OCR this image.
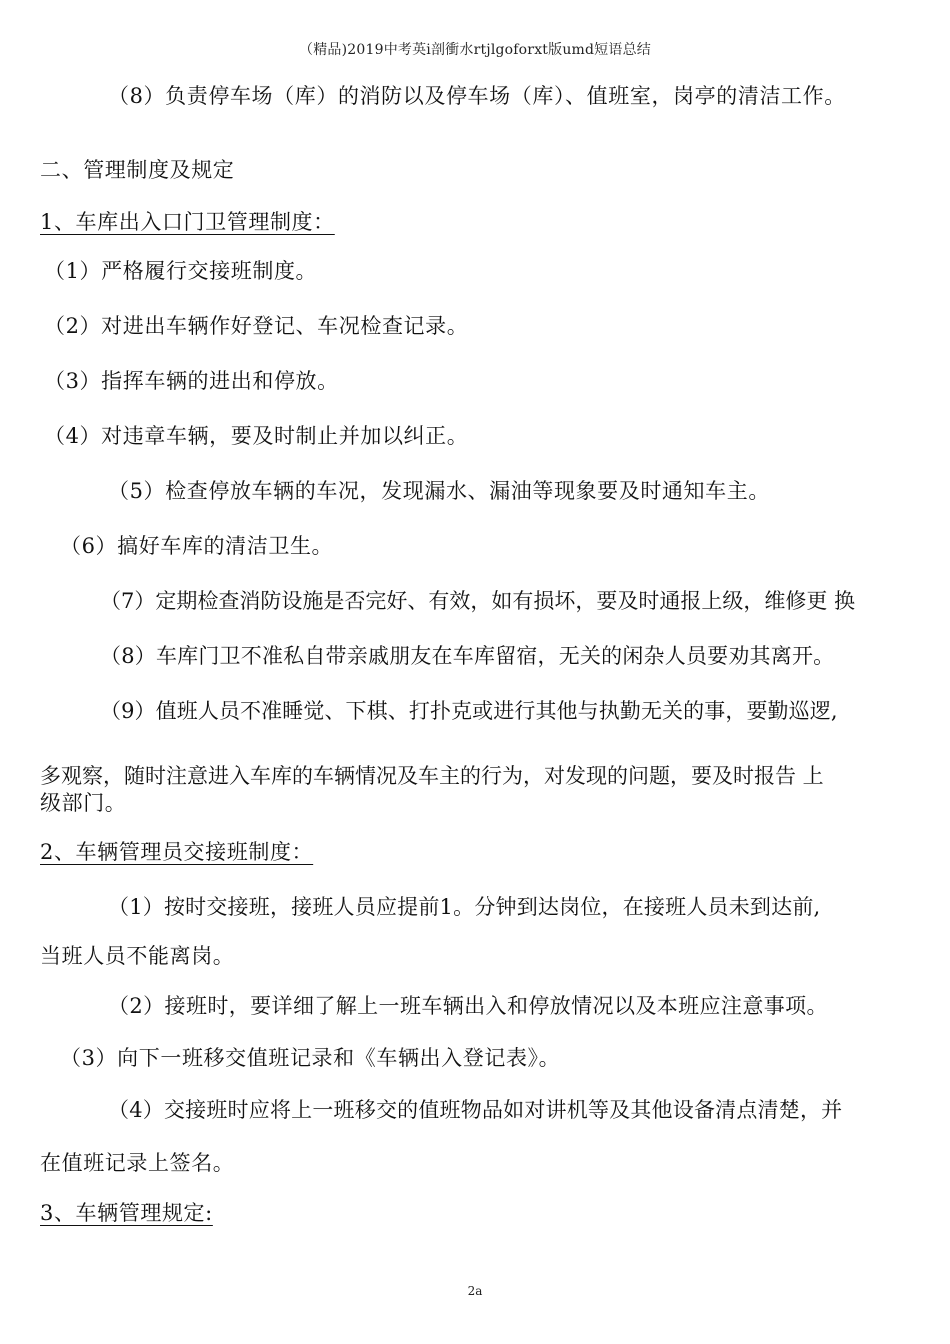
（精品)2019中考英i剖衝水rtjlgoforxt版umd短语总结
（8）负责停车场（库）的消防以及停车场（库）、值班室，岗亭的清洁工作。
二、管理制度及规定
1、车库出入口门卫管理制度：
（1）严格履行交接班制度。
（2）对进出车辆作好登记、车况检查记录。
（3）指挥车辆的进出和停放。
（4）对违章车辆，要及时制止并加以纠正。
（5）检查停放车辆的车况，发现漏水、漏油等现象要及时通知车主。
（6）搞好车库的清洁卫生。
（7）定期检查消防设施是否完好、有效，如有损坏，要及时通报上级，维修更 换
（8）车库门卫不准私自带亲戚朋友在车库留宿，无关的闲杂人员要劝其离开。
（9）值班人员不准睡觉、下棋、打扑克或进行其他与执勤无关的事，要勤巡逻,
多观察，随时注意进入车库的车辆情况及车主的行为，对发现的问题，要及时报告 上
级部门。
2、车辆管理员交接班制度：
（1）按时交接班，接班人员应提前1。分钟到达岗位，在接班人员未到达前,
当班人员不能离岗。
（2）接班时，要详细了解上一班车辆出入和停放情况以及本班应注意事项。
（3）向下一班移交值班记录和《车辆出入登记表》。
（4）交接班时应将上一班移交的值班物品如对讲机等及其他设备清点清楚，并
在值班记录上签名。
3、车辆管理规定:
2a
